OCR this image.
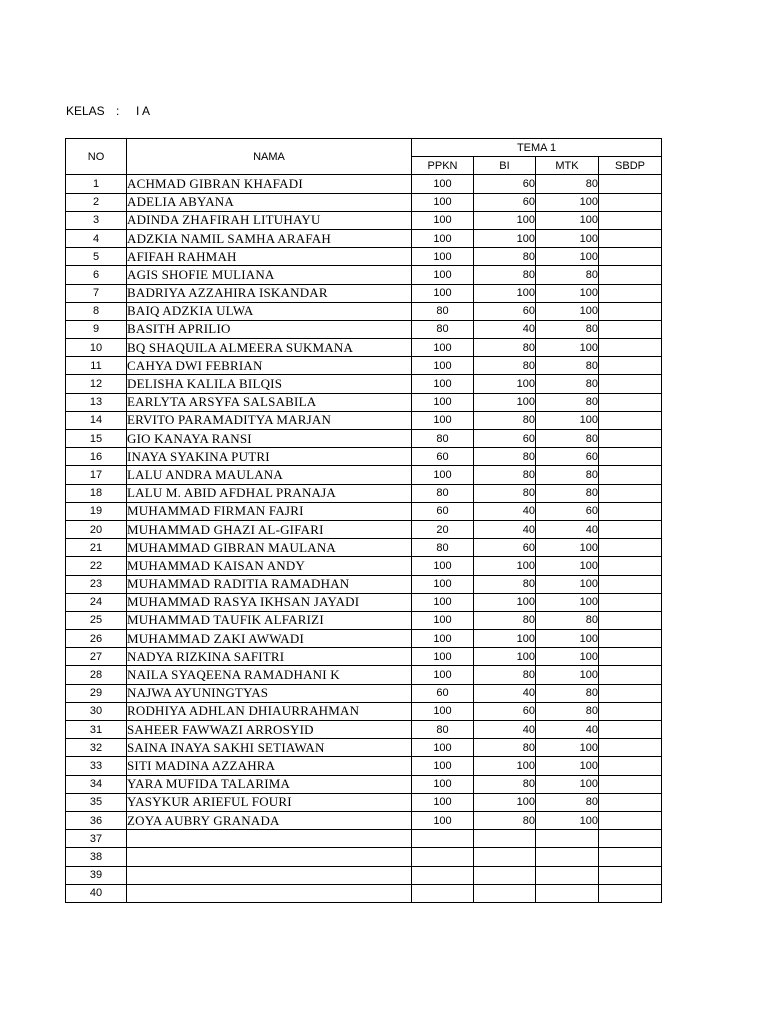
KELAS : I A
NO	NAMA	TEMA 1			
		PPKN	BI	MTK	SBDP
1	ACHMAD GIBRAN KHAFADI	100	60	80	
2	ADELIA ABYANA	100	60	100	
3	ADINDA ZHAFIRAH LITUHAYU	100	100	100	
4	ADZKIA NAMIL SAMHA ARAFAH	100	100	100	
5	AFIFAH RAHMAH	100	80	100	
6	AGIS SHOFIE MULIANA	100	80	80	
7	BADRIYA AZZAHIRA ISKANDAR	100	100	100	
8	BAIQ ADZKIA ULWA	80	60	100	
9	BASITH APRILIO	80	40	80	
10	BQ SHAQUILA ALMEERA SUKMANA	100	80	100	
11	CAHYA DWI FEBRIAN	100	80	80	
12	DELISHA KALILA BILQIS	100	100	80	
13	EARLYTA ARSYFA SALSABILA	100	100	80	
14	ERVITO PARAMADITYA MARJAN	100	80	100	
15	GIO KANAYA RANSI	80	60	80	
16	INAYA SYAKINA PUTRI	60	80	60	
17	LALU ANDRA MAULANA	100	80	80	
18	LALU M. ABID AFDHAL PRANAJA	80	80	80	
19	MUHAMMAD FIRMAN FAJRI	60	40	60	
20	MUHAMMAD GHAZI AL-GIFARI	20	40	40	
21	MUHAMMAD GIBRAN MAULANA	80	60	100	
22	MUHAMMAD KAISAN ANDY	100	100	100	
23	MUHAMMAD RADITIA RAMADHAN	100	80	100	
24	MUHAMMAD RASYA IKHSAN JAYADI	100	100	100	
25	MUHAMMAD TAUFIK ALFARIZI	100	80	80	
26	MUHAMMAD ZAKI AWWADI	100	100	100	
27	NADYA RIZKINA SAFITRI	100	100	100	
28	NAILA SYAQEENA RAMADHANI K	100	80	100	
29	NAJWA AYUNINGTYAS	60	40	80	
30	RODHIYA ADHLAN DHIAURRAHMAN	100	60	80	
31	SAHEER FAWWAZI ARROSYID	80	40	40	
32	SAINA INAYA SAKHI SETIAWAN	100	80	100	
33	SITI MADINA AZZAHRA	100	100	100	
34	YARA MUFIDA TALARIMA	100	80	100	
35	YASYKUR ARIEFUL FOURI	100	100	80	
36	ZOYA AUBRY GRANADA	100	80	100	
37					
38					
39					
40					
